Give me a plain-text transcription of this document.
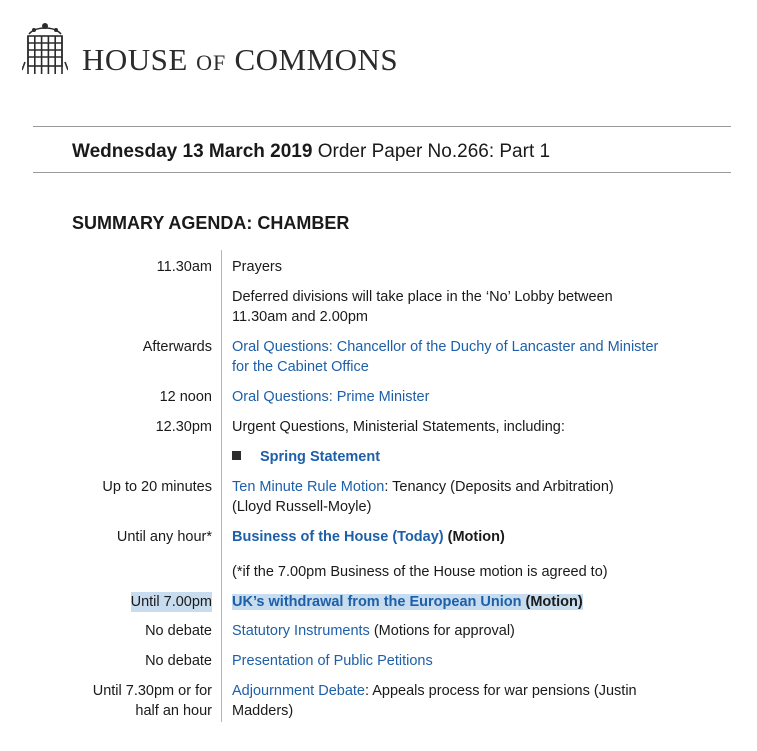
HOUSE OF COMMONS
Wednesday 13 March 2019 Order Paper No.266: Part 1
SUMMARY AGENDA: CHAMBER
11.30am Prayers
Deferred divisions will take place in the ‘No’ Lobby between
11.30am and 2.00pm
Afterwards Oral Questions: Chancellor of the Duchy of Lancaster and Minister
for the Cabinet Office
12 noon Oral Questions: Prime Minister
12.30pm Urgent Questions, Ministerial Statements, including:
Spring Statement
Up to 20 minutes Ten Minute Rule Motion: Tenancy (Deposits and Arbitration)
(Lloyd Russell-Moyle)
Until any hour* Business of the House (Today) (Motion)
(*if the 7.00pm Business of the House motion is agreed to)
Until 7.00pm UK’s withdrawal from the European Union (Motion)
No debate Statutory Instruments (Motions for approval)
No debate Presentation of Public Petitions
Until 7.30pm or for
half an hour
Adjournment Debate: Appeals process for war pensions (Justin
Madders)
